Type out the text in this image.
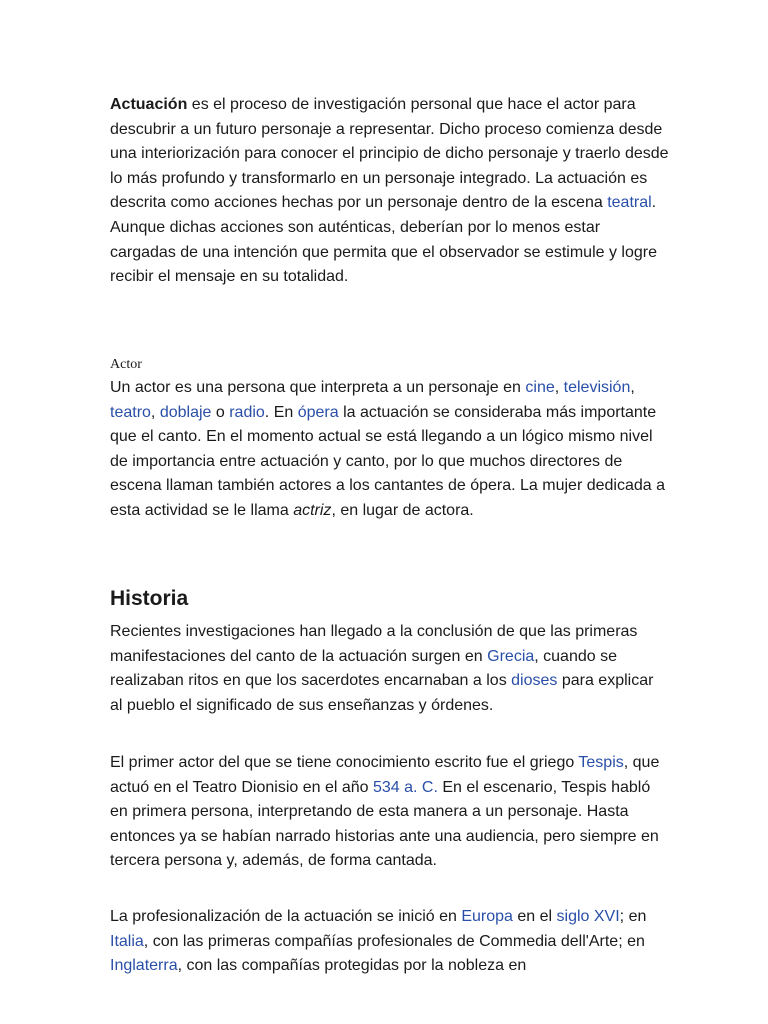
Actuación es el proceso de investigación personal que hace el actor para descubrir a un futuro personaje a representar. Dicho proceso comienza desde una interiorización para conocer el principio de dicho personaje y traerlo desde lo más profundo y transformarlo en un personaje integrado. La actuación es descrita como acciones hechas por un personaje dentro de la escena teatral. Aunque dichas acciones son auténticas, deberían por lo menos estar cargadas de una intención que permita que el observador se estimule y logre recibir el mensaje en su totalidad.

Actor

Un actor es una persona que interpreta a un personaje en cine, televisión, teatro, doblaje o radio. En ópera la actuación se consideraba más importante que el canto. En el momento actual se está llegando a un lógico mismo nivel de importancia entre actuación y canto, por lo que muchos directores de escena llaman también actores a los cantantes de ópera. La mujer dedicada a esta actividad se le llama actriz, en lugar de actora.

Historia

Recientes investigaciones han llegado a la conclusión de que las primeras manifestaciones del canto de la actuación surgen en Grecia, cuando se realizaban ritos en que los sacerdotes encarnaban a los dioses para explicar al pueblo el significado de sus enseñanzas y órdenes.

El primer actor del que se tiene conocimiento escrito fue el griego Tespis, que actuó en el Teatro Dionisio en el año 534 a. C. En el escenario, Tespis habló en primera persona, interpretando de esta manera a un personaje. Hasta entonces ya se habían narrado historias ante una audiencia, pero siempre en tercera persona y, además, de forma cantada.

La profesionalización de la actuación se inició en Europa en el siglo XVI; en Italia, con las primeras compañías profesionales de Commedia dell'Arte; en Inglaterra, con las compañías protegidas por la nobleza en
